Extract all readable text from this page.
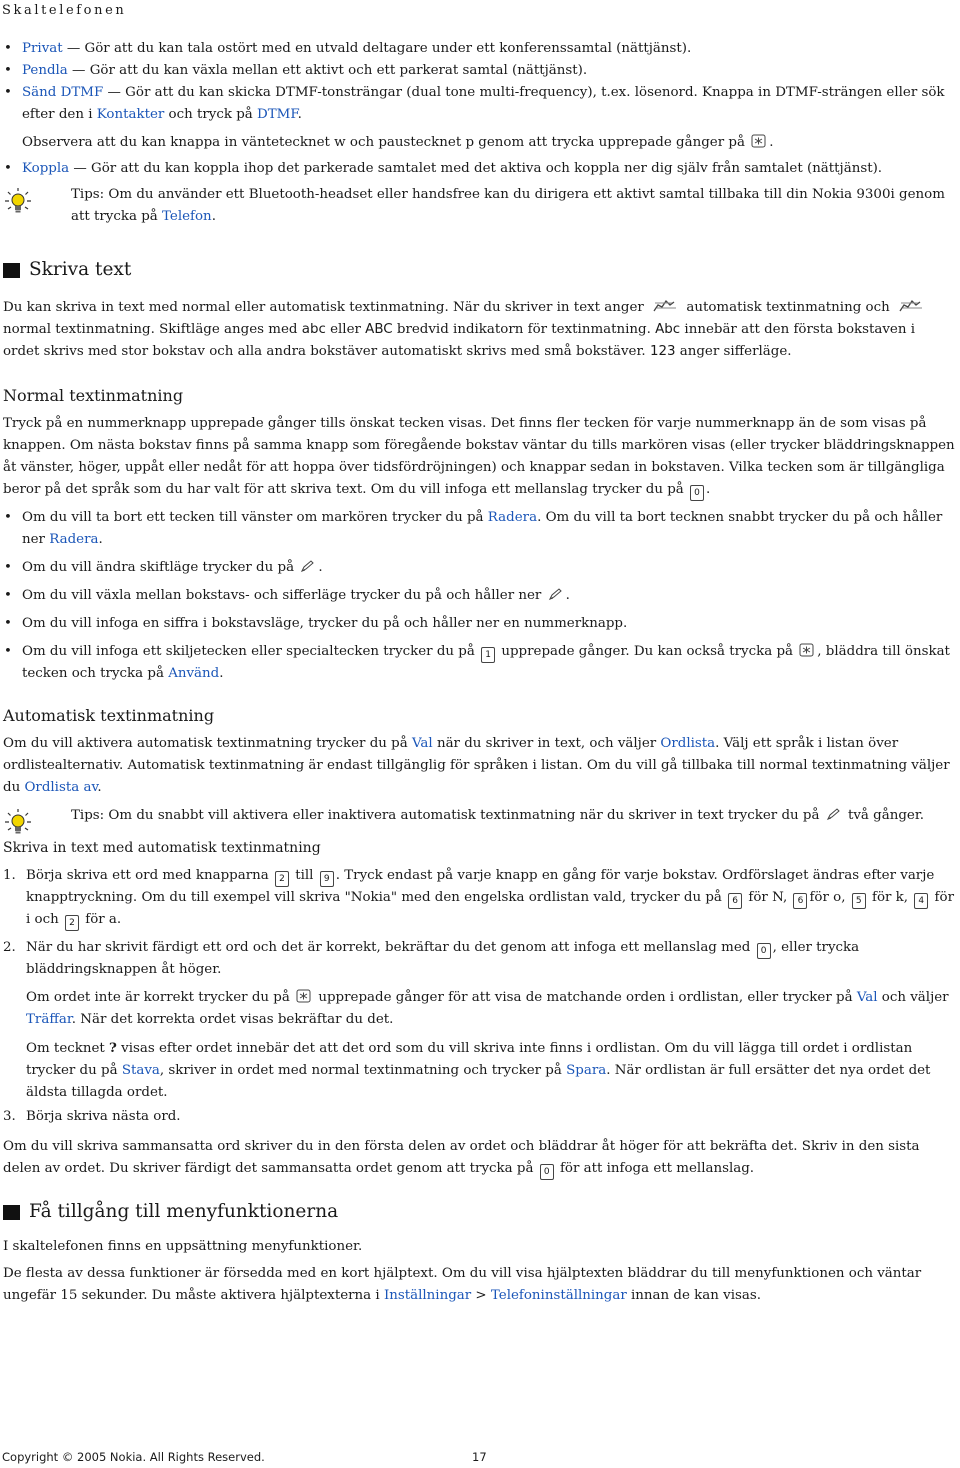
Skaltelefonen
• Privat — Gör att du kan tala ostört med en utvald deltagare under ett konferenssamtal (nättjänst).
• Pendla — Gör att du kan växla mellan ett aktivt och ett parkerat samtal (nättjänst).
• Sänd DTMF — Gör att du kan skicka DTMF-tonsträngar (dual tone multi-frequency), t.ex. lösenord. Knappa in DTMF-strängen eller sök efter den i Kontakter och tryck på DTMF.

Observera att du kan knappa in väntetecknet w och paustecknet p genom att trycka upprepade gånger på .

• Koppla — Gör att du kan koppla ihop det parkerade samtalet med det aktiva och koppla ner dig själv från samtalet (nättjänst).
Tips: Om du använder ett Bluetooth-headset eller handsfree kan du dirigera ett aktivt samtal tillbaka till din Nokia 9300i genom att trycka på Telefon.
Skriva text

Du kan skriva in text med normal eller automatisk textinmatning. När du skriver in text anger	automatisk textinmatning och  normal textinmatning. Skiftläge anges med abc eller ABC bredvid indikatorn för textinmatning. Abc innebär att den första bokstaven i ordet skrivs med stor bokstav och alla andra bokstäver automatiskt skrivs med små bokstäver. 123 anger sifferläge.

Normal textinmatning

Tryck på en nummerknapp upprepade gånger tills önskat tecken visas. Det finns fler tecken för varje nummerknapp än de som visas på knappen. Om nästa bokstav finns på samma knapp som föregående bokstav väntar du tills markören visas (eller trycker bläddringsknappen åt vänster, höger, uppåt eller nedåt för att hoppa över tidsfördröjningen) och knappar sedan in bokstaven. Vilka tecken som är tillgängliga beror på det språk som du har valt för att skriva text. Om du vill infoga ett mellanslag trycker du på 0 .

• Om du vill ta bort ett tecken till vänster om markören trycker du på Radera. Om du vill ta bort tecknen snabbt trycker du på och håller ner Radera.
• Om du vill ändra skiftläge trycker du på .
• Om du vill växla mellan bokstavs- och sifferläge trycker du på och håller ner .
• Om du vill infoga en siffra i bokstavsläge, trycker du på och håller ner en nummerknapp.
• Om du vill infoga ett skiljetecken eller specialtecken trycker du på 1 upprepade gånger. Du kan också trycka på , bläddra till önskat tecken och trycka på Använd.
Automatisk textinmatning

Om du vill aktivera automatisk textinmatning trycker du på Val när du skriver in text, och väljer Ordlista. Välj ett språk i listan över ordlistealternativ. Automatisk textinmatning är endast tillgänglig för språken i listan. Om du vill gå tillbaka till normal textinmatning väljer du Ordlista av.

Tips: Om du snabbt vill aktivera eller inaktivera automatisk textinmatning när du skriver in text trycker du på  två gånger.
Skriva in text med automatisk textinmatning
1. Börja skriva ett ord med knapparna 2 till 9 . Tryck endast på varje knapp en gång för varje bokstav. Ordförslaget ändras efter varje knapptryckning. Om du till exempel vill skriva "Nokia" med den engelska ordlistan vald, trycker du på 6 för N, 6 för o, 5 för k, 4 för i och 2 för a.
2. När du har skrivit färdigt ett ord och det är korrekt, bekräftar du det genom att infoga ett mellanslag med 0 , eller trycka bläddringsknappen åt höger.

Om ordet inte är korrekt trycker du på  upprepade gånger för att visa de matchande orden i ordlistan, eller trycker på Val och väljer Träffar. När det korrekta ordet visas bekräftar du det.

Om tecknet ? visas efter ordet innebär det att det ord som du vill skriva inte finns i ordlistan. Om du vill lägga till ordet i ordlistan trycker du på Stava, skriver in ordet med normal textinmatning och trycker på Spara. När ordlistan är full ersätter det nya ordet det äldsta tillagda ordet.

3. Börja skriva nästa ord.

Om du vill skriva sammansatta ord skriver du in den första delen av ordet och bläddrar åt höger för att bekräfta det. Skriv in den sista delen av ordet. Du skriver färdigt det sammansatta ordet genom att trycka på 0 för att infoga ett mellanslag.

Få tillgång till menyfunktionerna

I skaltelefonen finns en uppsättning menyfunktioner.

De flesta av dessa funktioner är försedda med en kort hjälptext. Om du vill visa hjälptexten bläddrar du till menyfunktionen och väntar ungefär 15 sekunder. Du måste aktivera hjälptexterna i Inställningar > Telefoninställningar innan de kan visas.

Copyright © 2005 Nokia. All Rights Reserved.	17
